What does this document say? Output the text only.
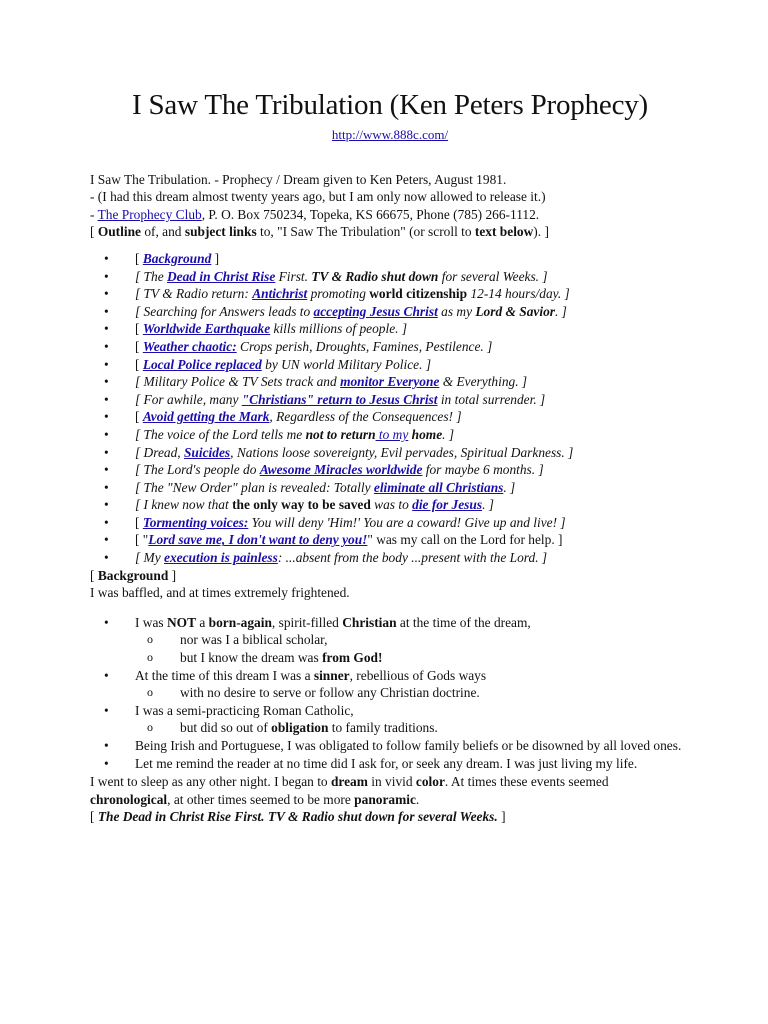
I Saw The Tribulation (Ken Peters Prophecy)
http://www.888c.com/
I Saw The Tribulation. - Prophecy / Dream given to Ken Peters, August 1981.
- (I had this dream almost twenty years ago, but I am only now allowed to release it.)
- The Prophecy Club, P. O. Box 750234, Topeka, KS 66675, Phone (785) 266-1112.
[ Outline of, and subject links to, "I Saw The Tribulation" (or scroll to text below). ]
• [ Background ]
• [ The Dead in Christ Rise First. TV & Radio shut down for several Weeks. ]
• [ TV & Radio return: Antichrist promoting world citizenship 12-14 hours/day. ]
• [ Searching for Answers leads to accepting Jesus Christ as my Lord & Savior. ]
• [ Worldwide Earthquake kills millions of people. ]
• [ Weather chaotic: Crops perish, Droughts, Famines, Pestilence. ]
• [ Local Police replaced by UN world Military Police. ]
• [ Military Police & TV Sets track and monitor Everyone & Everything. ]
• [ For awhile, many "Christians" return to Jesus Christ in total surrender. ]
• [ Avoid getting the Mark, Regardless of the Consequences! ]
• [ The voice of the Lord tells me not to return to my home. ]
• [ Dread, Suicides, Nations loose sovereignty, Evil pervades, Spiritual Darkness. ]
• [ The Lord's people do Awesome Miracles worldwide for maybe 6 months. ]
• [ The "New Order" plan is revealed: Totally eliminate all Christians. ]
• [ I knew now that the only way to be saved was to die for Jesus. ]
• [ Tormenting voices: You will deny 'Him!' You are a coward! Give up and live! ]
• [ "Lord save me, I don't want to deny you!" was my call on the Lord for help. ]
• [ My execution is painless: ...absent from the body ...present with the Lord. ]
[ Background ]
I was baffled, and at times extremely frightened.
• I was NOT a born-again, spirit-filled Christian at the time of the dream,
o nor was I a biblical scholar,
o but I know the dream was from God!
• At the time of this dream I was a sinner, rebellious of Gods ways
o with no desire to serve or follow any Christian doctrine.
• I was a semi-practicing Roman Catholic,
o but did so out of obligation to family traditions.
• Being Irish and Portuguese, I was obligated to follow family beliefs or be disowned by all loved ones.
• Let me remind the reader at no time did I ask for, or seek any dream. I was just living my life.
I went to sleep as any other night. I began to dream in vivid color. At times these events seemed chronological, at other times seemed to be more panoramic.
[ The Dead in Christ Rise First. TV & Radio shut down for several Weeks. ]
